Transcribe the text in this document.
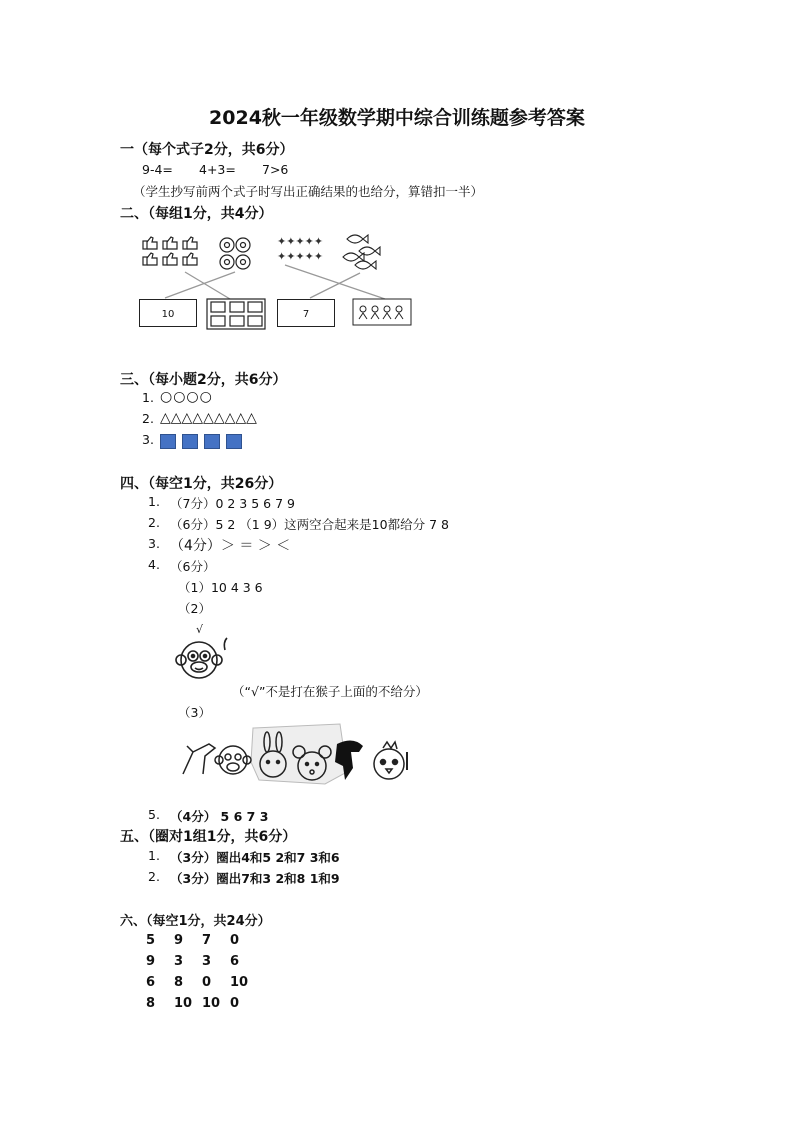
2024秋一年级数学期中综合训练题参考答案
一（每个式子2分，共6分）
9-4= 4+3= 7>6
（学生抄写前两个式子时写出正确结果的也给分，算错扣一半）
二、（每组1分，共4分）
✦✦✦✦✦
✦✦✦✦✦
10	7
三、（每小题2分，共6分）
1. ○○○○
2. △△△△△△△△△
3.
四、（每空1分，共26分）
1. （7分）0 2 3 5 6 7 9
2. （6分）5 2 （1 9）这两空合起来是10都给分 7 8
3. （4分）＞ ＝ ＞ ＜
4. （6分）
（1）10 4 3 6
（2）
√
（“√”不是打在猴子上面的不给分）
（3）
5. （4分） 5 6 7 3
五、（圈对1组1分，共6分）
1. （3分）圈出4和5 2和7 3和6
2. （3分）圈出7和3 2和8 1和9
六、（每空1分，共24分）
5	9	7	0
9	3	3	6
6	8	0	10
8	10	10	0
